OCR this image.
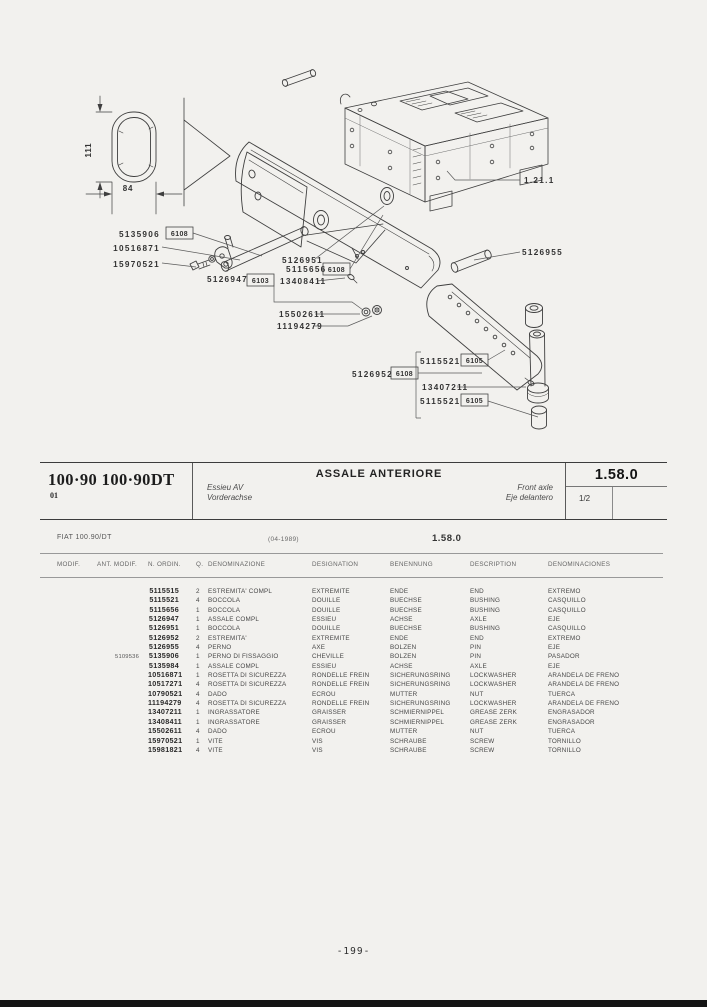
111
84
5135906 6108
10516871
15970521
5126947 6103
5126951
5115656 6108
13408411
15502611
11194279
5126955
1.21.1
5115521 6105
5126952 6108
13407211
5115521 6105
100·90 100·90DT
01
ASSALE ANTERIORE
Essieu AV
Vorderachse
Front axle
Eje delantero
1.58.0
1/2
FIAT 100.90/DT	(04-1989)	1.58.0
MODIF.	ANT. MODIF.	N. ORDIN.	Q. DENOMINAZIONE	DESIGNATION	BENENNUNG	DESCRIPTION	DENOMINACIONES
5115515	2	ESTREMITA' COMPL	EXTREMITE	ENDE	END	EXTREMO
5115521	4	BOCCOLA	DOUILLE	BUECHSE	BUSHING	CASQUILLO
5115656	1	BOCCOLA	DOUILLE	BUECHSE	BUSHING	CASQUILLO
5126947	1	ASSALE COMPL	ESSIEU	ACHSE	AXLE	EJE
5126951	1	BOCCOLA	DOUILLE	BUECHSE	BUSHING	CASQUILLO
5126952	2	ESTREMITA'	EXTREMITE	ENDE	END	EXTREMO
5126955	4	PERNO	AXE	BOLZEN	PIN	EJE
5109536	5135906	1	PERNO DI FISSAGGIO	CHEVILLE	BOLZEN	PIN	PASADOR
5135984	1	ASSALE COMPL	ESSIEU	ACHSE	AXLE	EJE
10516871	1	ROSETTA DI SICUREZZA	RONDELLE FREIN	SICHERUNGSRING	LOCKWASHER	ARANDELA DE FRENO
10517271	4	ROSETTA DI SICUREZZA	RONDELLE FREIN	SICHERUNGSRING	LOCKWASHER	ARANDELA DE FRENO
10790521	4	DADO	ECROU	MUTTER	NUT	TUERCA
11194279	4	ROSETTA DI SICUREZZA	RONDELLE FREIN	SICHERUNGSRING	LOCKWASHER	ARANDELA DE FRENO
13407211	1	INGRASSATORE	GRAISSER	SCHMIERNIPPEL	GREASE ZERK	ENGRASADOR
13408411	1	INGRASSATORE	GRAISSER	SCHMIERNIPPEL	GREASE ZERK	ENGRASADOR
15502611	4	DADO	ECROU	MUTTER	NUT	TUERCA
15970521	1	VITE	VIS	SCHRAUBE	SCREW	TORNILLO
15981821	4	VITE	VIS	SCHRAUBE	SCREW	TORNILLO
-199-
